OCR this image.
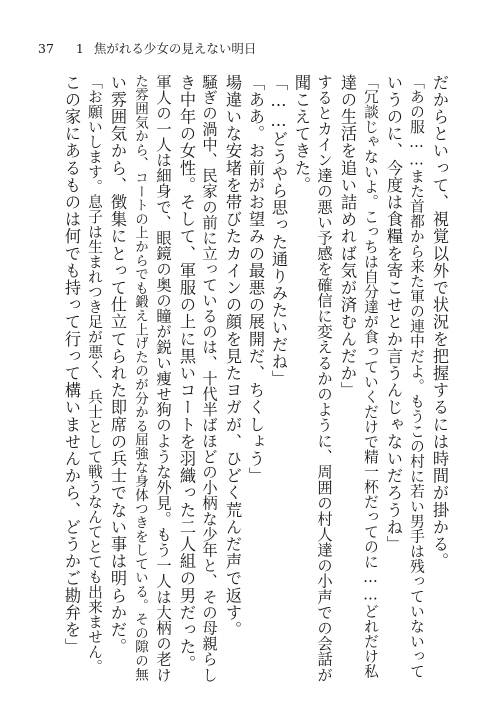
37 1 焦がれる少女の見えない明日
だからといって、視覚以外で状況を把握するには時間が掛かる。
「あの服……また首都から来た軍の連中だよ。もうこの村に若い男手は残っていないって
いうのに、今度は食糧を寄こせとか言うんじゃないだろうね」
「冗談じゃないよ。こっちは自分達が食っていくだけで精一杯だってのに……どれだけ私
達の生活を追い詰めれば気が済むんだか」
するとカイン達の悪い予感を確信に変えるかのように、周囲の村人達の小声での会話が
聞こえてきた。
「……どうやら思った通りみたいだね」
「ああ。お前がお望みの最悪の展開だ、ちくしょう」
場違いな安堵を帯びたカインの顔を見たヨガが、ひどく荒んだ声で返す。
騒ぎの渦中、民家の前に立っているのは、十代半ばほどの小柄な少年と、その母親らし
き中年の女性。そして、軍服の上に黒いコートを羽織った二人組の男だった。
軍人の一人は細身で、眼鏡の奥の瞳が鋭い痩せ狗のような外見。もう一人は大柄の老け
た雰囲気から、コートの上からでも鍛え上げたのが分かる屈強な身体つきをしている。その隙の無
い雰囲気から、徴集にとって仕立てられた即席の兵士でない事は明らかだ。
「お願いします。息子は生まれつき足が悪く、兵士として戦うなんてとても出来ません。
この家にあるものは何でも持って行って構いませんから、どうかご勘弁を」
